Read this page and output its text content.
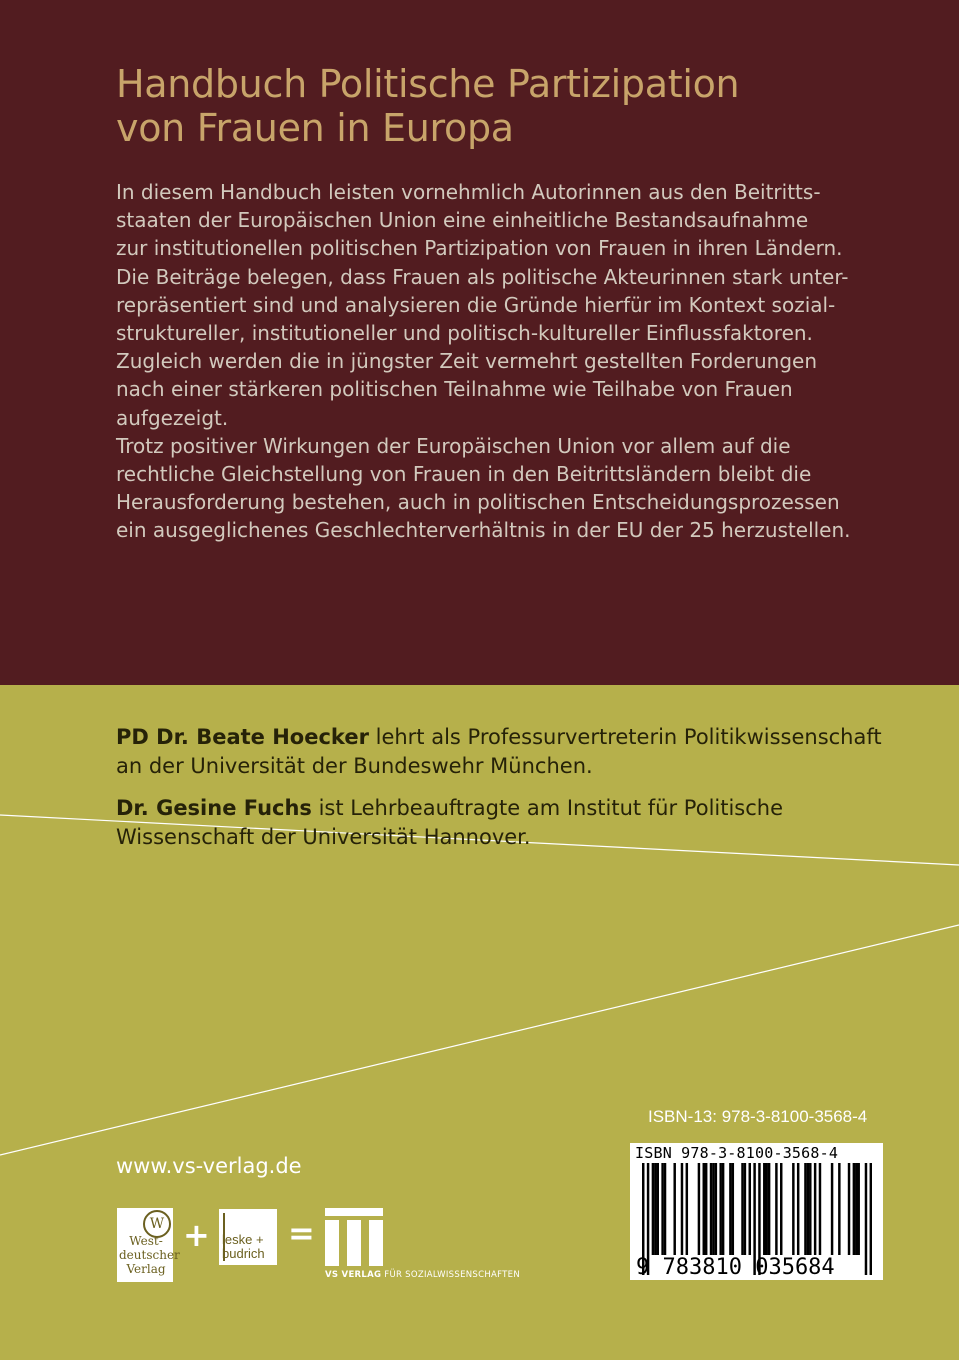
Handbuch Politische Partizipation
von Frauen in Europa
In diesem Handbuch leisten vornehmlich Autorinnen aus den Beitritts-
staaten der Europäischen Union eine einheitliche Bestandsaufnahme
zur institutionellen politischen Partizipation von Frauen in ihren Ländern.
Die Beiträge belegen, dass Frauen als politische Akteurinnen stark unter-
repräsentiert sind und analysieren die Gründe hierfür im Kontext sozial-
struktureller, institutioneller und politisch-kultureller Einflussfaktoren.
Zugleich werden die in jüngster Zeit vermehrt gestellten Forderungen
nach einer stärkeren politischen Teilnahme wie Teilhabe von Frauen
aufgezeigt.
Trotz positiver Wirkungen der Europäischen Union vor allem auf die
rechtliche Gleichstellung von Frauen in den Beitrittsländern bleibt die
Herausforderung bestehen, auch in politischen Entscheidungsprozessen
ein ausgeglichenes Geschlechterverhältnis in der EU der 25 herzustellen.

PD Dr. Beate Hoecker lehrt als Professurvertreterin Politikwissenschaft
an der Universität der Bundeswehr München.

Dr. Gesine Fuchs ist Lehrbeauftragte am Institut für Politische
Wissenschaft der Universität Hannover.

ISBN-13: 978-3-8100-3568-4
ISBN 978-3-8100-3568-4
9 783810 035684
www.vs-verlag.de
W
West-
deutscher
Verlag
+ leske +
budrich
=
VS VERLAG FÜR SOZIALWISSENSCHAFTEN
